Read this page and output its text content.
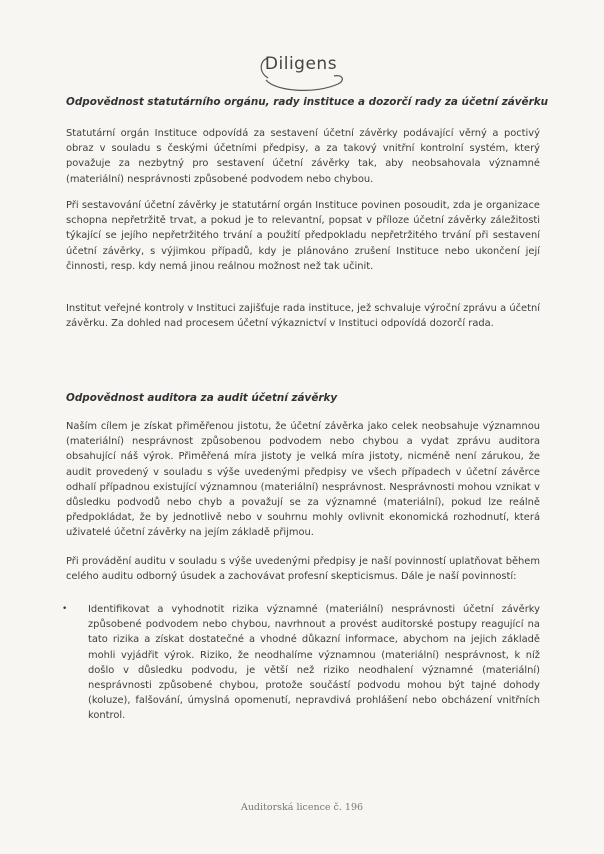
Diligens
Odpovědnost statutárního orgánu, rady instituce a dozorčí rady za účetní závěrku

Statutární orgán Instituce odpovídá za sestavení účetní závěrky podávající věrný a poctivý obraz v souladu s českými účetními předpisy, a za takový vnitřní kontrolní systém, který považuje za nezbytný pro sestavení účetní závěrky tak, aby neobsahovala významné (materiální) nesprávnosti způsobené podvodem nebo chybou.

Při sestavování účetní závěrky je statutární orgán Instituce povinen posoudit, zda je organizace schopna nepřetržitě trvat, a pokud je to relevantní, popsat v příloze účetní závěrky záležitosti týkající se jejího nepřetržitého trvání a použití předpokladu nepřetržitého trvání při sestavení účetní závěrky, s výjimkou případů, kdy je plánováno zrušení Instituce nebo ukončení její činnosti, resp. kdy nemá jinou reálnou možnost než tak učinit.

Institut veřejné kontroly v Instituci zajišťuje rada instituce, jež schvaluje výroční zprávu a účetní závěrku. Za dohled nad procesem účetní výkaznictví v Instituci odpovídá dozorčí rada.

Odpovědnost auditora za audit účetní závěrky

Naším cílem je získat přiměřenou jistotu, že účetní závěrka jako celek neobsahuje významnou (materiální) nesprávnost způsobenou podvodem nebo chybou a vydat zprávu auditora obsahující náš výrok. Přiměřená míra jistoty je velká míra jistoty, nicméně není zárukou, že audit provedený v souladu s výše uvedenými předpisy ve všech případech v účetní závěrce odhalí případnou existující významnou (materiální) nesprávnost. Nesprávnosti mohou vznikat v důsledku podvodů nebo chyb a považují se za významné (materiální), pokud lze reálně předpokládat, že by jednotlivě nebo v souhrnu mohly ovlivnit ekonomická rozhodnutí, která uživatelé účetní závěrky na jejím základě přijmou.

Při provádění auditu v souladu s výše uvedenými předpisy je naší povinností uplatňovat během celého auditu odborný úsudek a zachovávat profesní skepticismus. Dále je naší povinností:

• Identifikovat a vyhodnotit rizika významné (materiální) nesprávnosti účetní závěrky způsobené podvodem nebo chybou, navrhnout a provést auditorské postupy reagující na tato rizika a získat dostatečné a vhodné důkazní informace, abychom na jejich základě mohli vyjádřit výrok. Riziko, že neodhalíme významnou (materiální) nesprávnost, k níž došlo v důsledku podvodu, je větší než riziko neodhalení významné (materiální) nesprávnosti způsobené chybou, protože součástí podvodu mohou být tajné dohody (koluze), falšování, úmyslná opomenutí, nepravdivá prohlášení nebo obcházení vnitřních kontrol.
Auditorská licence č. 196
